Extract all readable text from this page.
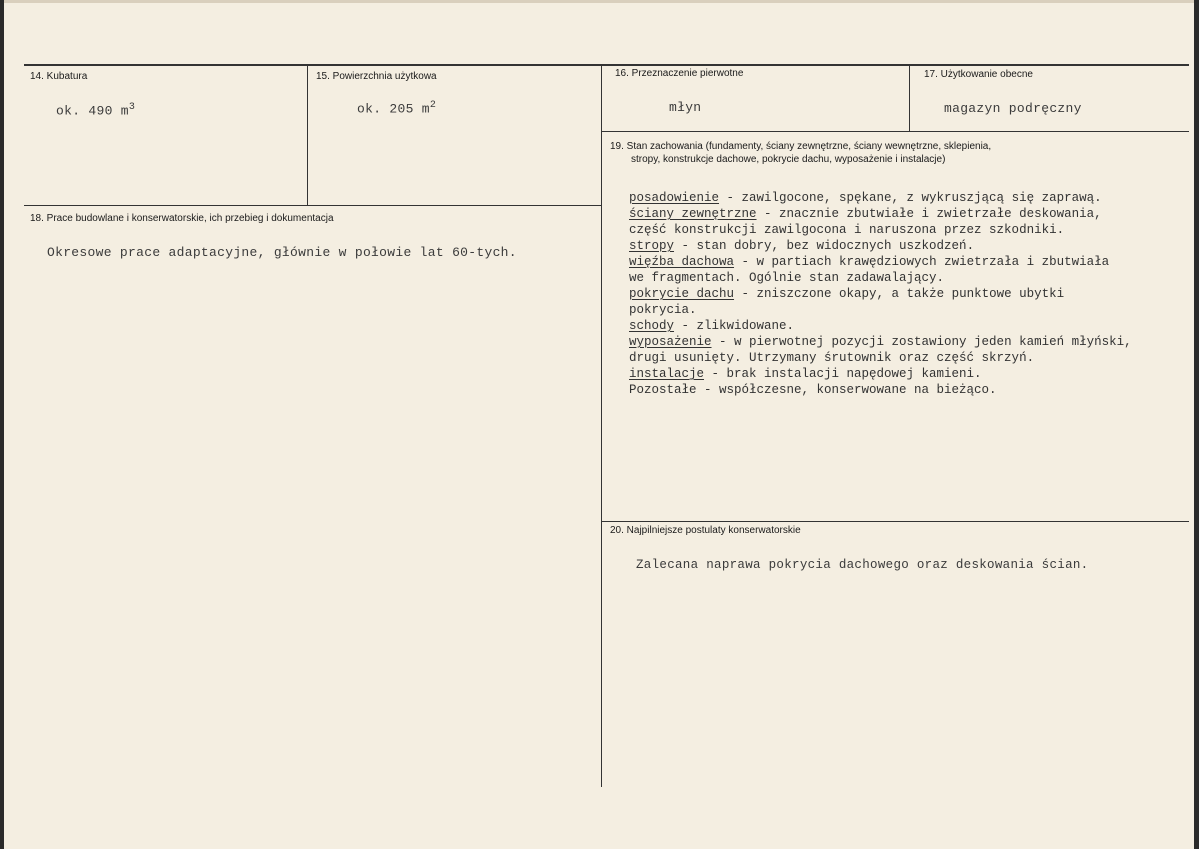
14. Kubatura
ok. 490 $m^3$
15. Powierzchnia użytkowa
ok. 205 $m^2$
16. Przeznaczenie pierwotne
młyn
17. Użytkowanie obecne
magazyn podręczny
18. Prace budowlane i konserwatorskie, ich przebieg i dokumentacja
Okresowe prace adaptacyjne, głównie w połowie lat 60-tych.
19. Stan zachowania (fundamenty, ściany zewnętrzne, ściany wewnętrzne, sklepienia,
stropy, konstrukcje dachowe, pokrycie dachu, wyposażenie i instalacje)
posadowienie - zawilgocone, spękane, z wykruszjącą się zaprawą.
ściany zewnętrzne - znacznie zbutwiałe i zwietrzałe deskowania,
część konstrukcji zawilgocona i naruszona przez szkodniki.
stropy - stan dobry, bez widocznych uszkodzeń.
więźba dachowa - w partiach krawędziowych zwietrzała i zbutwiała
we fragmentach. Ogólnie stan zadawalający.
pokrycie dachu - zniszczone okapy, a także punktowe ubytki
pokrycia.
schody - zlikwidowane.
wyposażenie - w pierwotnej pozycji zostawiony jeden kamień młyński,
drugi usunięty. Utrzymany śrutownik oraz część skrzyń.
instalacje - brak instalacji napędowej kamieni.
Pozostałe - współczesne, konserwowane na bieżąco.
20. Najpilniejsze postulaty konserwatorskie
Zalecana naprawa pokrycia dachowego oraz deskowania ścian.
